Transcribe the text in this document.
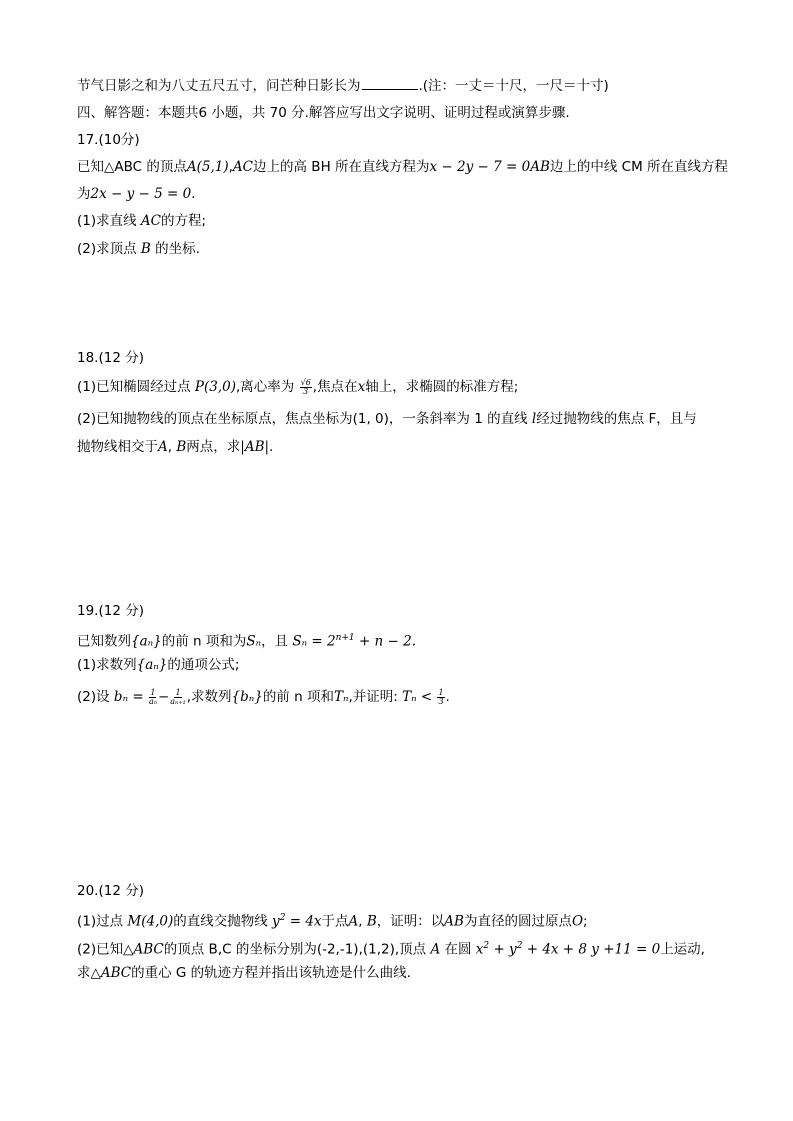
节气日影之和为八丈五尺五寸，问芒种日影长为	.(注：一丈＝十尺，一尺＝十寸)
四、解答题：本题共6 小题，共 70 分.解答应写出文字说明、证明过程或演算步骤.
17.(10分)
已知△ABC 的顶点A(5,1),AC边上的高 BH 所在直线方程为x − 2y − 7 = 0AB边上的中线 CM 所在直线方程
为2x − y − 5 = 0.
(1)求直线 AC的方程;
(2)求顶点 B 的坐标.
18.(12 分)
(1)已知椭圆经过点 P(3,0),离心率为 $\frac{√6}{3}$ ,焦点在x轴上，求椭圆的标准方程;
(2)已知抛物线的顶点在坐标原点，焦点坐标为(1, 0)，一条斜率为 1 的直线 l经过抛物线的焦点 F，且与
抛物线相交于A, B两点，求|AB|.
19.(12 分)
已知数列{aₙ}的前 n 项和为Sₙ，且 $S_n = 2^{n+1} + n - 2$.
(1)求数列{aₙ}的通项公式;
(2)设 $b_n = \frac{1}{\text{aₙ}} - \frac{1}{\text{aₙ₊₁}}$ ,求数列{bₙ}的前 n 项和Tₙ,并证明: $T_n < \frac{1}{3}$ .
20.(12 分)
(1)过点 M(4,0)的直线交抛物线 $y^2 = 4x$于点A, B，证明：以AB为直径的圆过原点O;
(2)已知△ABC的顶点 B,C 的坐标分别为(-2,-1),(1,2),顶点 A 在圆 $x^2 + y^2 + 4x + 8$ y +11 = 0上运动,
求△ABC的重心 G 的轨迹方程并指出该轨迹是什么曲线.
